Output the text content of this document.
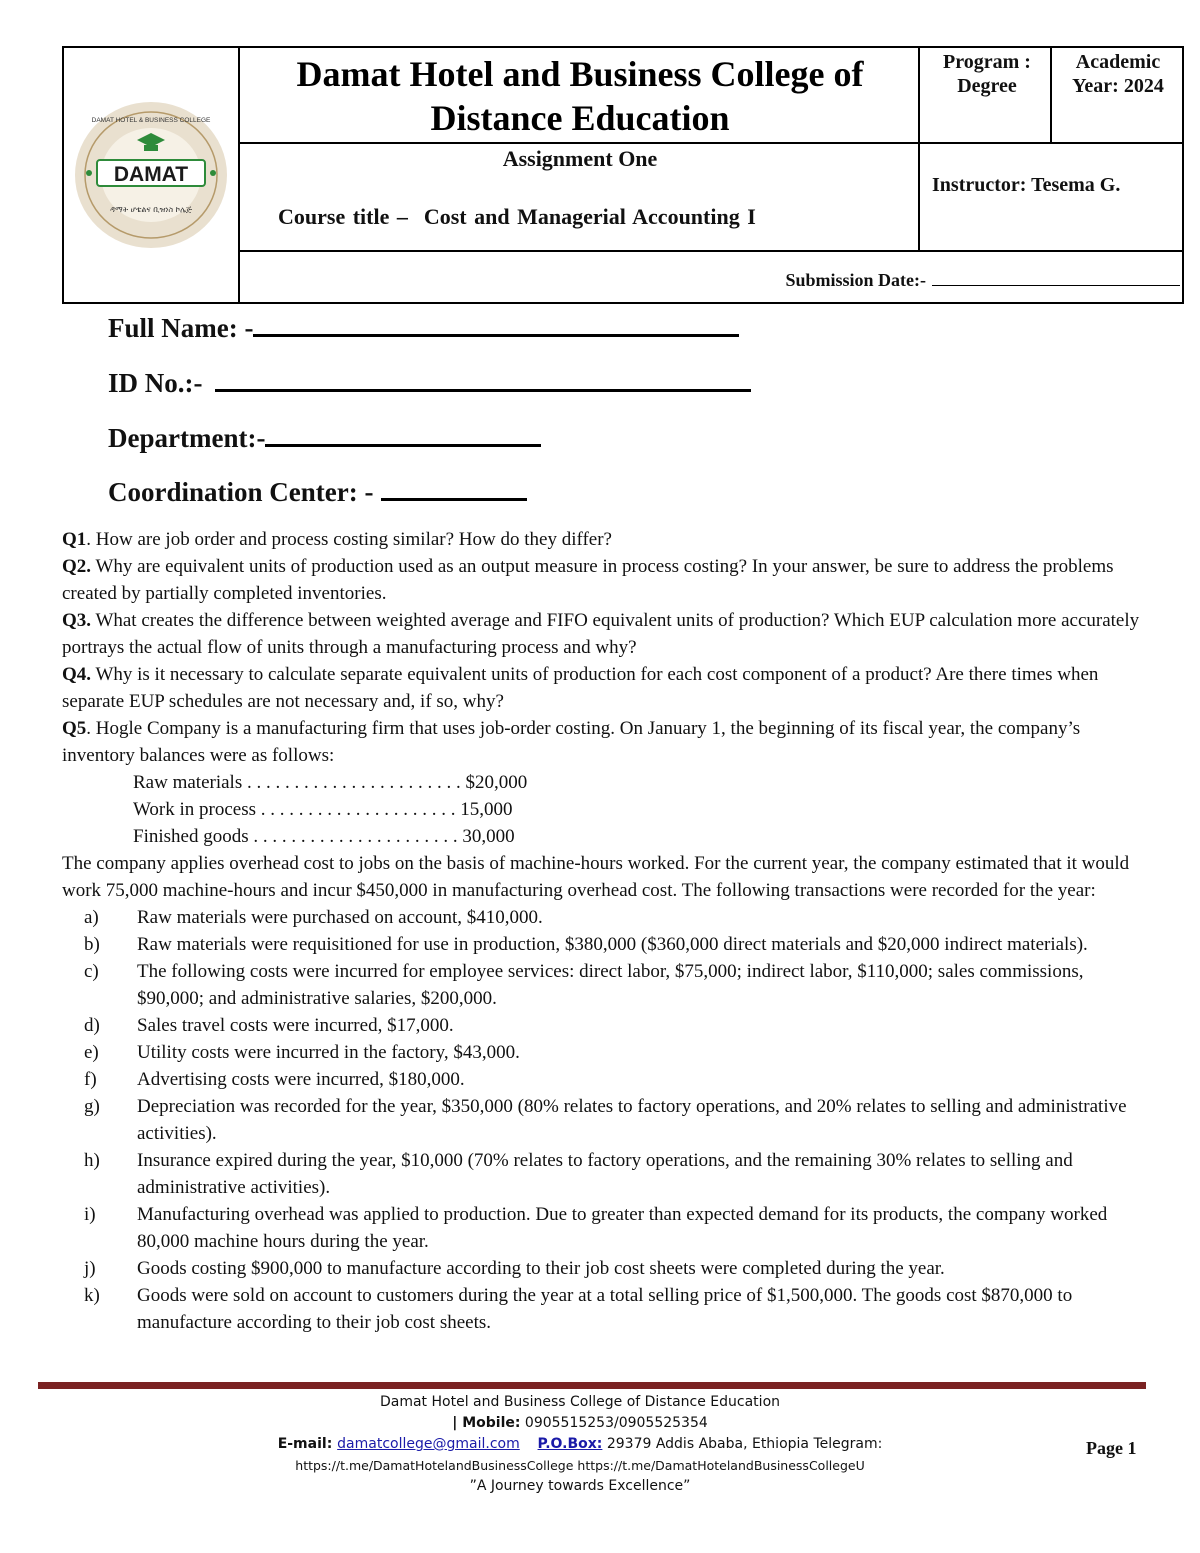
DAMAT
DAMAT HOTEL & BUSINESS COLLEGE
ዳማት ሆቴልና ቢዝነስ ኮሌጅ
Damat Hotel and Business College of Distance Education
Program :
Degree
Academic
Year: 2024
Assignment One
Course title – Cost and Managerial Accounting I
Instructor: Tesema G.
Submission Date:-
Full Name: -
ID No.:-
Department:-
Coordination Center: -

Q1. How are job order and process costing similar? How do they differ?

Q2. Why are equivalent units of production used as an output measure in process costing? In your answer, be sure to address the problems created by partially completed inventories.

Q3. What creates the difference between weighted average and FIFO equivalent units of production? Which EUP calculation more accurately portrays the actual flow of units through a manufacturing process and why?

Q4. Why is it necessary to calculate separate equivalent units of production for each cost component of a product? Are there times when separate EUP schedules are not necessary and, if so, why?

Q5. Hogle Company is a manufacturing firm that uses job-order costing. On January 1, the beginning of its fiscal year, the company’s inventory balances were as follows:

Raw materials . . . . . . . . . . . . . . . . . . . . . . . $20,000

Work in process . . . . . . . . . . . . . . . . . . . . . 15,000

Finished goods . . . . . . . . . . . . . . . . . . . . . . 30,000

The company applies overhead cost to jobs on the basis of machine-hours worked. For the current year, the company estimated that it would work 75,000 machine-hours and incur $450,000 in manufacturing overhead cost. The following transactions were recorded for the year:

a) Raw materials were purchased on account, $410,000.
b) Raw materials were requisitioned for use in production, $380,000 ($360,000 direct materials and $20,000 indirect materials).
c) The following costs were incurred for employee services: direct labor, $75,000; indirect labor, $110,000; sales commissions, $90,000; and administrative salaries, $200,000.
d) Sales travel costs were incurred, $17,000.
e) Utility costs were incurred in the factory, $43,000.
f) Advertising costs were incurred, $180,000.
g) Depreciation was recorded for the year, $350,000 (80% relates to factory operations, and 20% relates to selling and administrative activities).
h) Insurance expired during the year, $10,000 (70% relates to factory operations, and the remaining 30% relates to selling and administrative activities).
i) Manufacturing overhead was applied to production. Due to greater than expected demand for its products, the company worked 80,000 machine hours during the year.
j) Goods costing $900,000 to manufacture according to their job cost sheets were completed during the year.
k) Goods were sold on account to customers during the year at a total selling price of $1,500,000. The goods cost $870,000 to manufacture according to their job cost sheets.
Damat Hotel and Business College of Distance Education
| Mobile: 0905515253/0905525354
E-mail: damatcollege@gmail.com P.O.Box: 29379 Addis Ababa, Ethiopia Telegram:
https://t.me/DamatHotelandBusinessCollege https://t.me/DamatHotelandBusinessCollegeU
”A Journey towards Excellence”
Page 1
